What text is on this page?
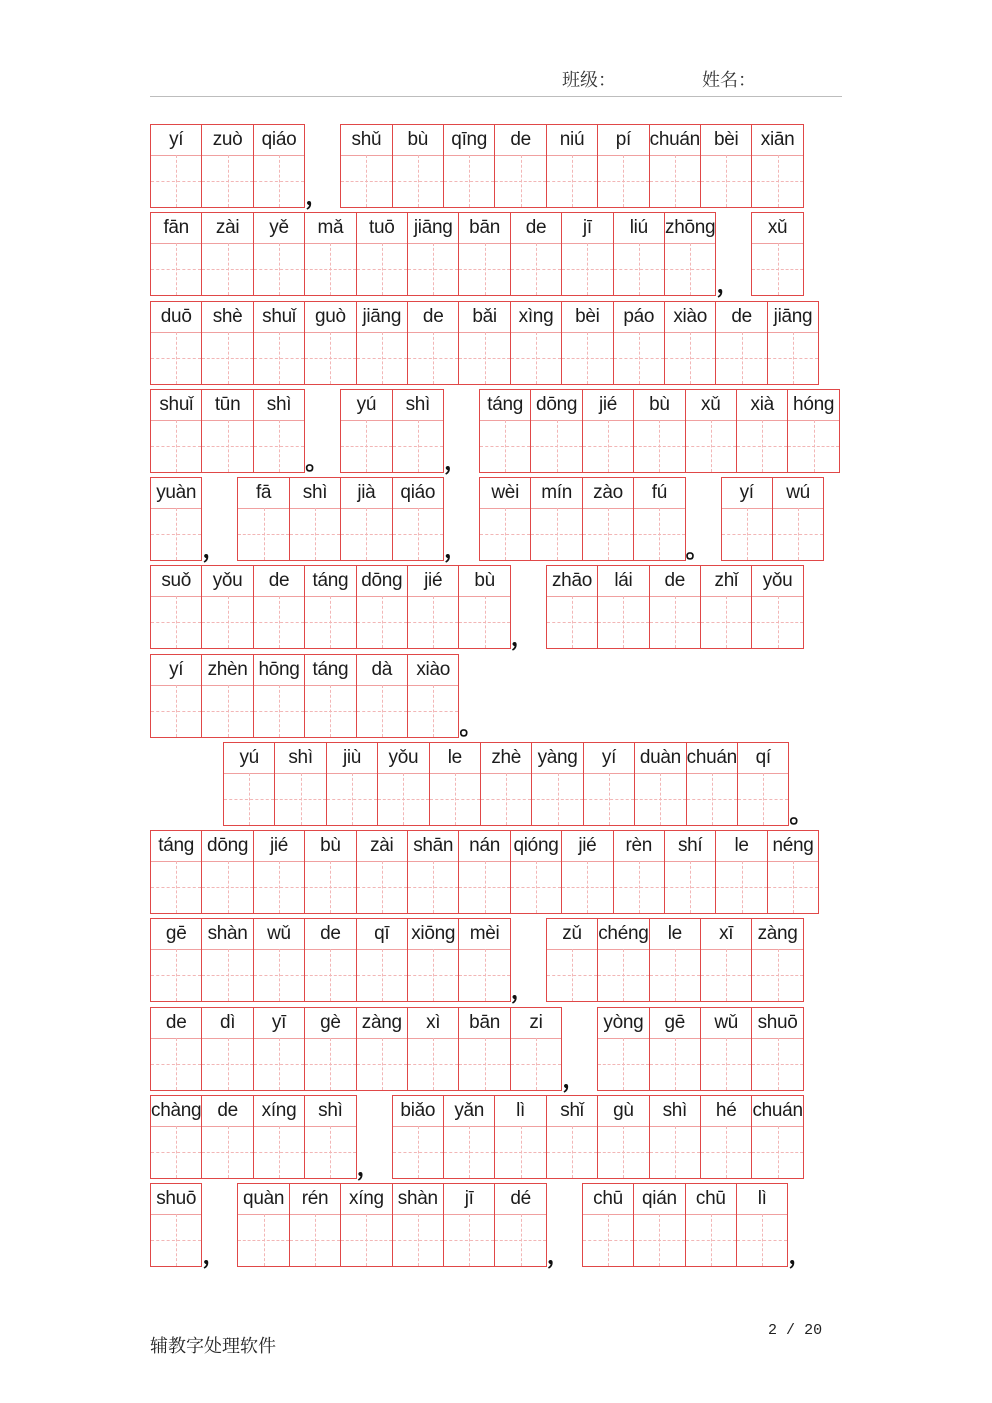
班级：	姓名：
yí zuò qiáo	shǔ bù qīng de niú pí chuán bèi xiān
，
fān zài yě mǎ tuō jiāng bān de jī liú zhōng	xǔ
，
duō shè shuǐ guò jiāng de bǎi xìng bèi páo xiào de jiāng
shuǐ tūn shì	yú shì	táng dōng jié bù xǔ xià hóng
。	，
yuàn	fā shì jià qiáo	wèi mín zào fú	yí wú
，	，	。
suǒ yǒu de táng dōng jié bù	zhāo lái de zhǐ yǒu
，
yí zhèn hōng táng dà xiào
。
yú shì jiù yǒu le zhè yàng yí duàn chuán qí
。
táng dōng jié bù zài shān nán qióng jié rèn shí le néng
gē shàn wǔ de qī xiōng mèi	zǔ chéng le xī zàng
，
de dì yī gè zàng xì bān zi	yòng gē wǔ shuō
，
chàng de xíng shì	biǎo yǎn lì shǐ gù shì hé chuán
，
shuō quàn rén xíng shàn jī dé	chū qián chū lì
，	，	，
辅教字处理软件
2 / 20
